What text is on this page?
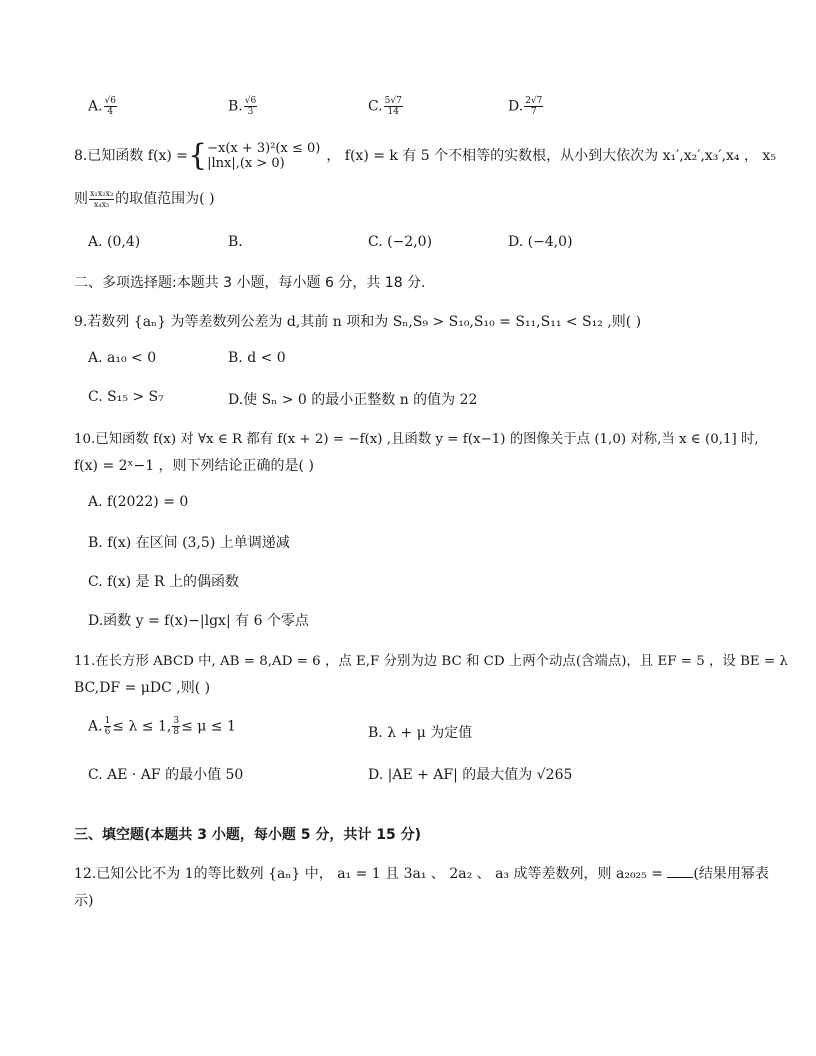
A. $\frac{√6}{4}$	B. $\frac{√6}{3}$	C. $\frac{5√7}{14}$	D. $\frac{2√7}{7}$
8.已知函数 f(x) ={ −x(x + 3)²(x ≤ 0)
|lnx|,(x > 0)	， f(x) = k 有 5 个不相等的实数根，从小到大依次为 x₁′,x₂′,x₃′,x₄ ， x₅
则 $\frac{\text{x₁x₂x₃}}{\text{x₄x₅}}$ 的取值范围为( )
A. (0,4)	B.	C. (−2,0)	D. (−4,0)
二、多项选择题:本题共 3 小题，每小题 6 分，共 18 分.
9.若数列 {aₙ} 为等差数列公差为 d,其前 n 项和为 Sₙ,S₉ > S₁₀,S₁₀ = S₁₁,S₁₁ < S₁₂ ,则( )
A. a₁₀ < 0	B. d < 0
C. S₁₅ > S₇	D.使 Sₙ > 0 的最小正整数 n 的值为 22
10.已知函数 f(x) 对 ∀x ∈ R 都有 f(x + 2) = −f(x) ,且函数 y = f(x−1) 的图像关于点 (1,0) 对称,当 x ∈ (0,1] 时,
f(x) = 2ˣ−1 ，则下列结论正确的是( )
A. f(2022) = 0
B. f(x) 在区间 (3,5) 上单调递减
C. f(x) 是 R 上的偶函数
D.函数 y = f(x)−|lgx| 有 6 个零点
11.在长方形 ABCD 中, AB = 8,AD = 6 ，点 E,F 分别为边 BC 和 CD 上两个动点(含端点)，且 EF = 5 ，设 BE = λ
BC,DF = μDC ,则( )
A. $\frac{1}{6} \le \lambda \le 1$, $\frac{3}{8} \le \mu \le 1$	B. λ + μ 为定值
C. AE · AF 的最小值 50	D. |AE + AF| 的最大值为 √265
三、填空题(本题共 3 小题，每小题 5 分，共计 15 分)
12.已知公比不为 1的等比数列 {aₙ} 中， a₁ = 1 且 3a₁ 、 2a₂ 、 a₃ 成等差数列，则 a₂₀₂₅ = (结果用幂表
示)
